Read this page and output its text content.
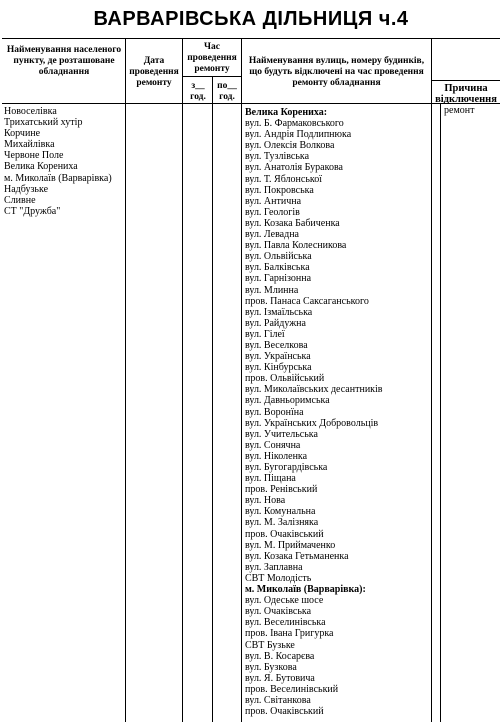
ВАРВАРІВСЬКА ДІЛЬНИЦЯ ч.4
Найменування населеного пункту, де розташоване обладнання
Дата проведення ремонту
Час проведення ремонту
з__ год.
по__ год.
Найменування вулиць, номеру будинків, що будуть відключені на час проведення ремонту обладнання	Причина відключення
Новоселівка
Трихатський хутір
Корчине
Михайлівка
Червоне Поле
Велика Корениха
м. Миколаїв (Варварівка)
Надбузьке
Сливне
СТ "Дружба"
Велика Корениха:
вул. Б. Фармаковського
вул. Андрія Подлипнюка
вул. Олексія Волкова
вул. Тузлівська
вул. Анатолія Буракова
вул. Т. Яблонської
вул. Покровська
вул. Антична
вул. Геологів
вул. Козака Бабиченка
вул. Левадна
вул. Павла Колесникова
вул. Ольвійська
вул. Балківська
вул. Гарнізонна
вул. Млинна
пров. Панаса Саксаганського
вул. Ізмаїльська
вул. Райдужна
вул. Гілеї
вул. Веселкова
вул. Українська
вул. Кінбурська
пров. Ольвійський
вул. Миколаївських десантників
вул. Давньоримська
вул. Воронїна
вул. Українських Добровольців
вул. Учительська
вул. Сонячна
вул. Ніколенка
вул. Бугогардівська
вул. Піщана
пров. Ренівський
вул. Нова
вул. Комунальна
вул. М. Залізняка
пров. Очаківський
вул. М. Приймаченко
вул. Козака Гетьманенка
вул. Заплавна
СВТ Молодість
м. Миколаїв (Варварівка):
вул. Одеське шосе
вул. Очаківська
вул. Веселинівська
пров. Івана Григурка
СВТ Бузьке
вул. В. Косарєва
вул. Бузкова
вул. Я. Бутовича
пров. Веселинівський
вул. Світанкова
пров. Очаківський
ремонт
